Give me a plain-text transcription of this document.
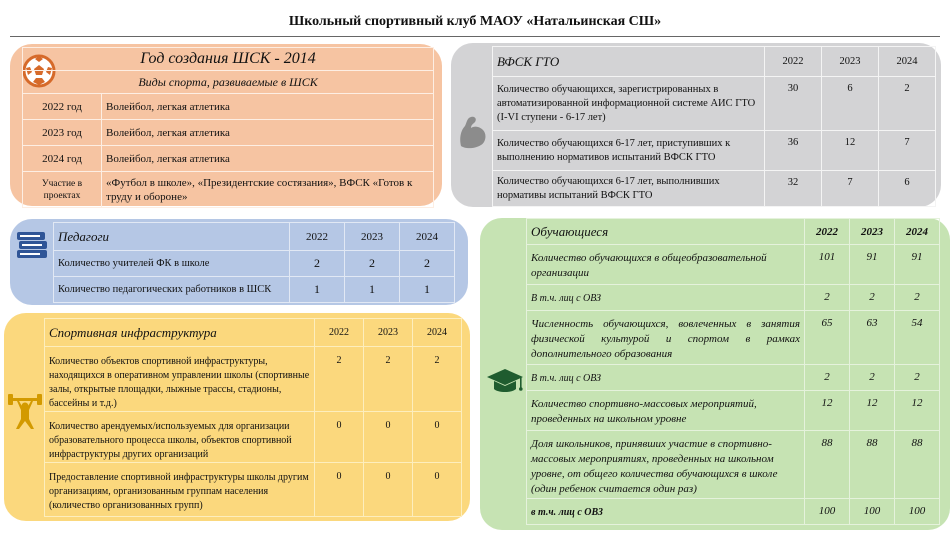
Школьный спортивный клуб МАОУ «Натальинская СШ»
Год создания ШСК - 2014	
Виды спорта, развиваемые в ШСК	
2022 год	Волейбол, легкая атлетика
2023 год	Волейбол, легкая атлетика
2024 год	Волейбол, легкая атлетика
Участие в проектах	«Футбол в школе», «Президентские состязания», ВФСК «Готов к труду и обороне»
ВФСК ГТО	2022	2023	2024
Количество обучающихся, зарегистрированных в автоматизированной информационной системе АИС ГТО (I-VI ступени - 6-17 лет)	30	6	2
Количество обучающихся 6-17 лет, приступивших к выполнению нормативов испытаний ВФСК ГТО	36	12	7
Количество обучающихся 6-17 лет, выполнивших нормативы испытаний ВФСК ГТО	32	7	6
Педагоги	2022	2023	2024
Количество учителей ФК в школе	2	2	2
Количество педагогических работников в ШСК	1	1	1
Спортивная инфраструктура	2022	2023	2024
Количество объектов спортивной инфраструктуры, находящихся в оперативном управлении школы (спортивные залы, открытые площадки, лыжные трассы, стадионы, бассейны и т.д.)	2	2	2
Количество арендуемых/используемых для организации образовательного процесса школы, объектов спортивной инфраструктуры других организаций	0	0	0
Предоставление спортивной инфраструктуры школы другим организациям, организованным группам населения (количество организованных групп)	0	0	0
Обучающиеся	2022	2023	2024
Количество обучающихся в общеобразовательной организации	101	91	91
В т.ч. лиц с ОВЗ	2	2	2
Численность обучающихся, вовлеченных в занятия физической культурой и спортом в рамках дополнительного образования	65	63	54
В т.ч. лиц с ОВЗ	2	2	2
Количество спортивно-массовых мероприятий, проведенных на школьном уровне	12	12	12
Доля школьников, принявших участие в спортивно-массовых мероприятиях, проведенных на школьном уровне, от общего количества обучающихся в школе (один ребенок считается один раз)	88	88	88
в т.ч. лиц с ОВЗ	100	100	100
